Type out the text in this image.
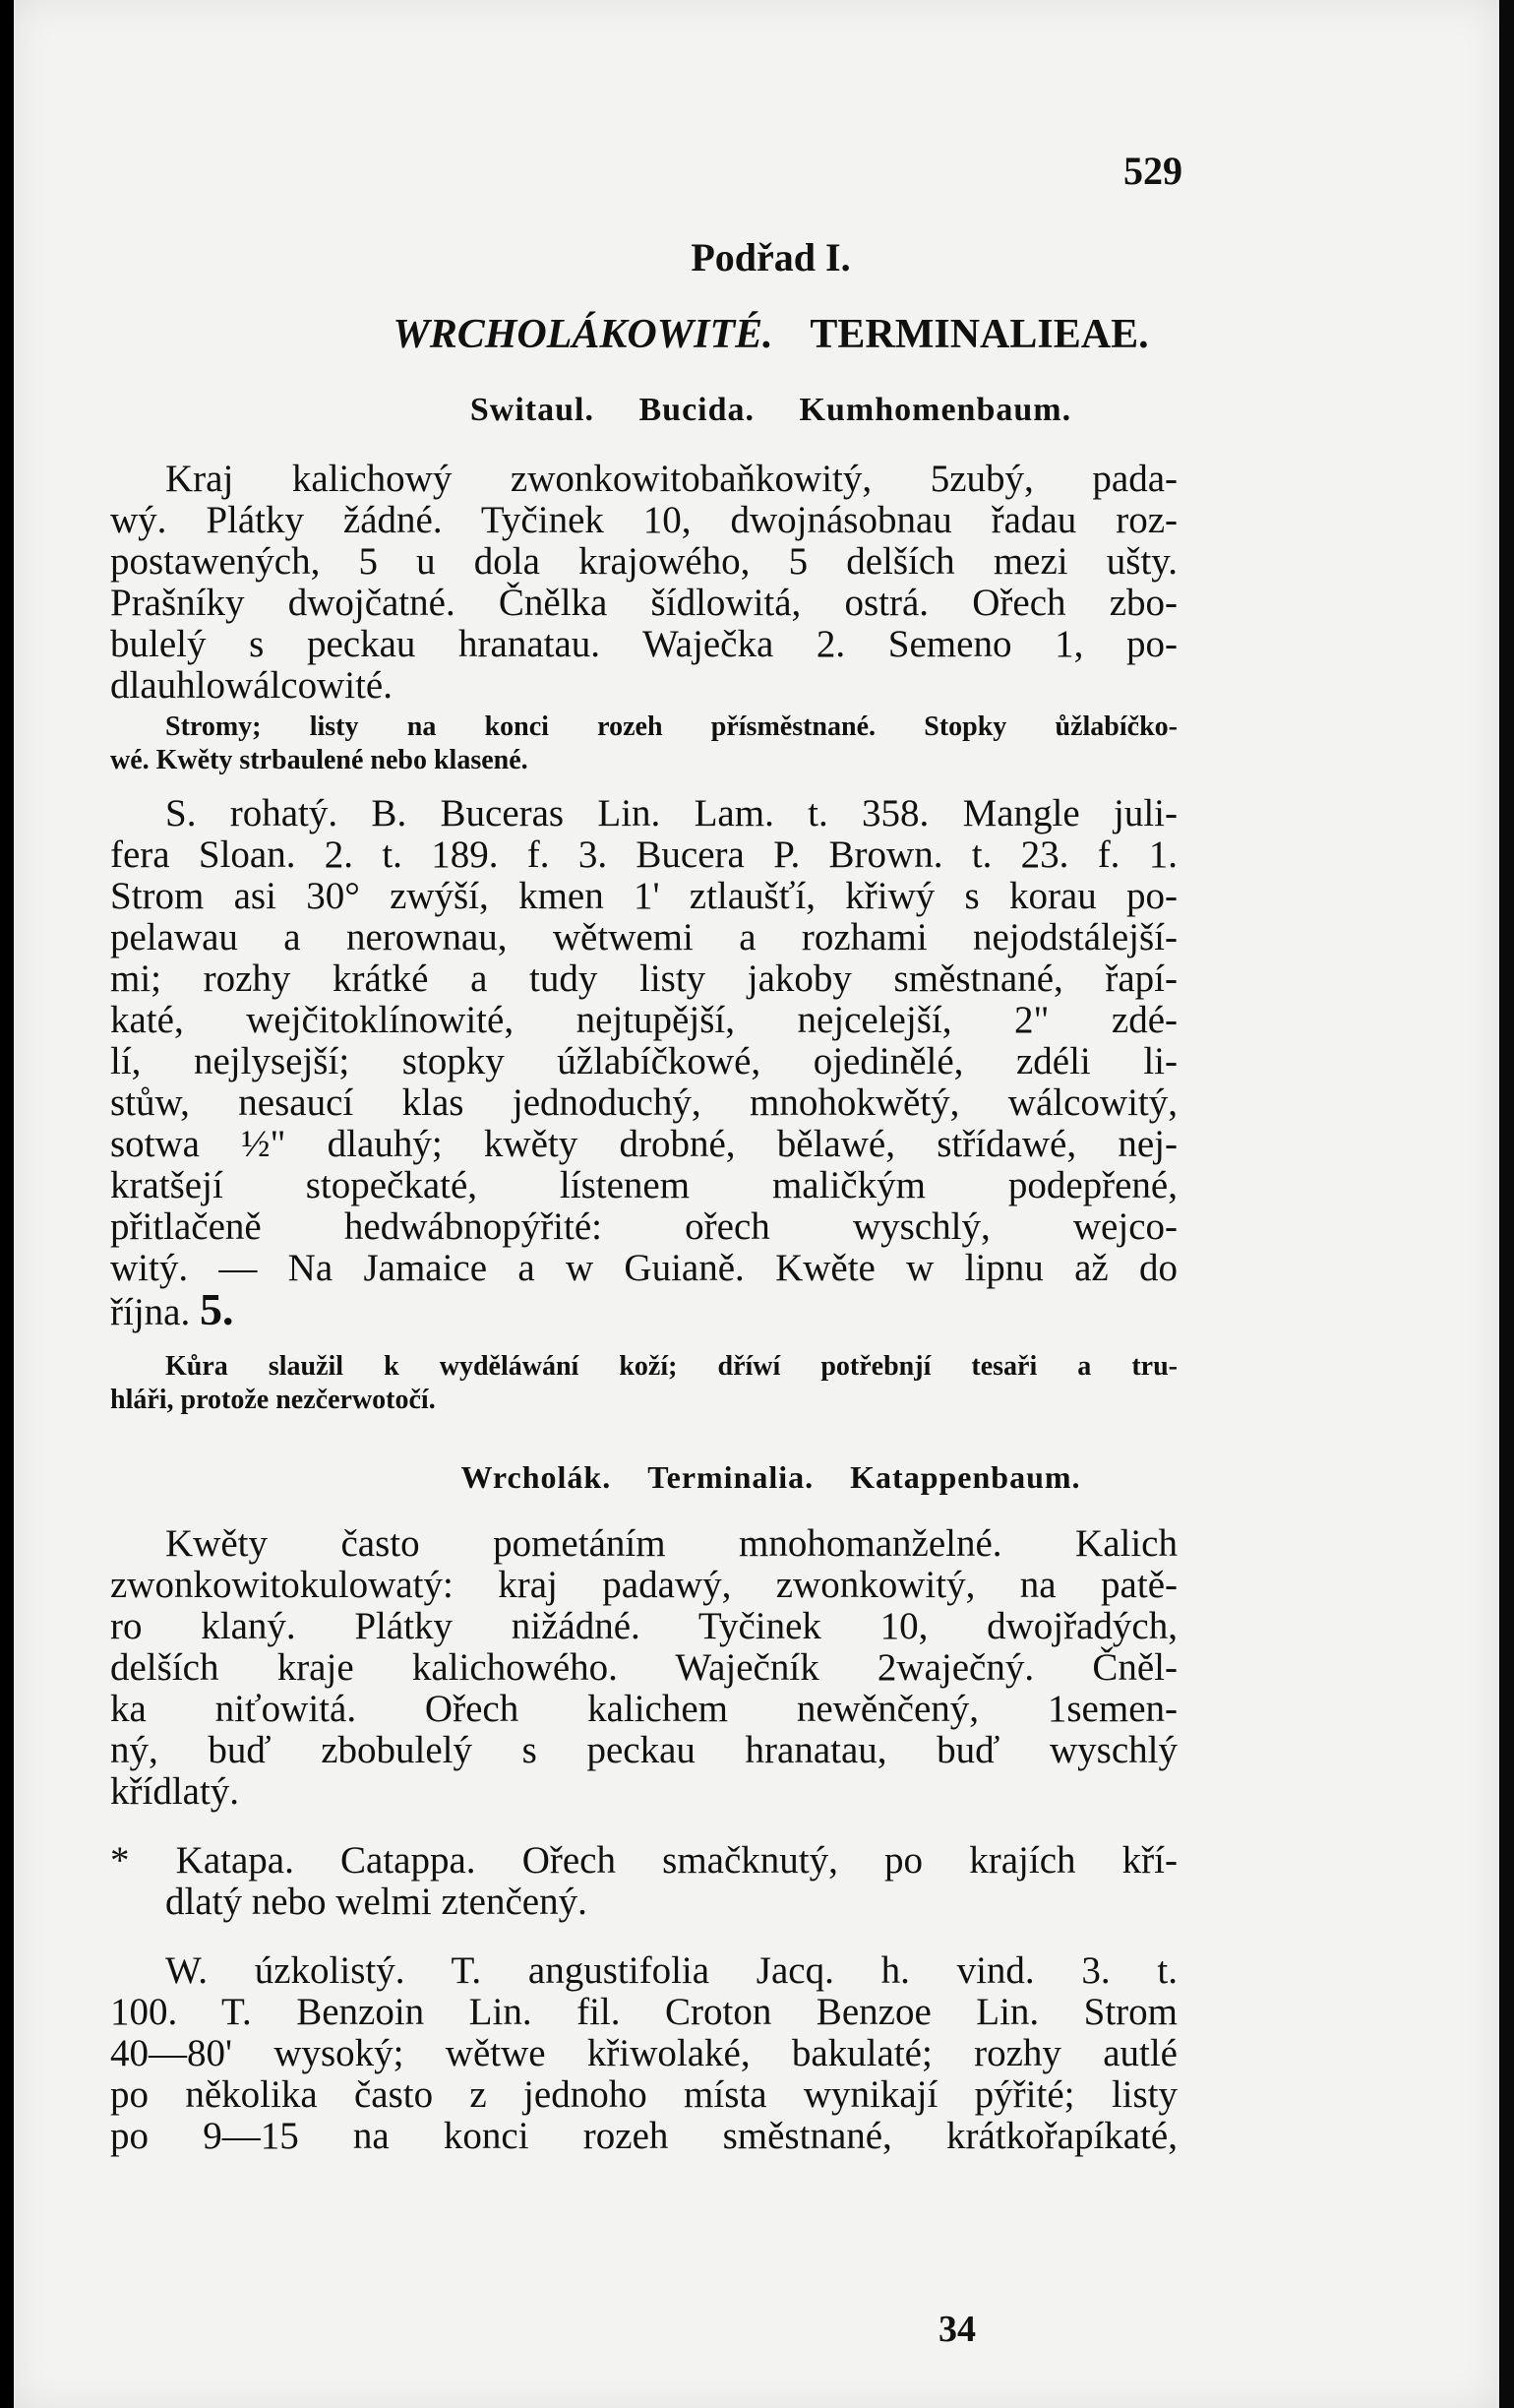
529
Podřad I.
WRCHOLÁKOWITÉ. TERMINALIEAE.
Switaul. Bucida. Kumhomenbaum.
Kraj kalichowý zwonkowitobaňkowitý, 5zubý, pada-
wý. Plátky žádné. Tyčinek 10, dwojnásobnau řadau roz-
postawených, 5 u dola krajowého, 5 delších mezi ušty.
Prašníky dwojčatné. Čnělka šídlowitá, ostrá. Ořech zbo-
bulelý s peckau hranatau. Waječka 2. Semeno 1, po-
dlauhlowálcowité.
Stromy; listy na konci rozeh přísměstnané. Stopky ůžlabíčko-
wé. Kwěty strbaulené nebo klasené.
S. rohatý. B. Buceras Lin. Lam. t. 358. Mangle juli-
fera Sloan. 2. t. 189. f. 3. Bucera P. Brown. t. 23. f. 1.
Strom asi 30° zwýší, kmen 1' ztlaušťí, křiwý s korau po-
pelawau a nerownau, wětwemi a rozhami nejodstálejší-
mi; rozhy krátké a tudy listy jakoby směstnané, řapí-
katé, wejčitoklínowité, nejtupější, nejcelejší, 2" zdé-
lí, nejlysejší; stopky úžlabíčkowé, ojedinělé, zdéli li-
stůw, nesaucí klas jednoduchý, mnohokwětý, wálcowitý,
sotwa ½" dlauhý; kwěty drobné, bělawé, střídawé, nej-
kratšejí stopečkaté, lístenem maličkým podepřené,
přitlačeně hedwábnopýřité: ořech wyschlý, wejco-
witý. — Na Jamaice a w Guianě. Kwěte w lipnu až do
října. 5.
Kůra slaužil k wyděláwání koží; dříwí potřebnjí tesaři a tru-
hláři, protože nezčerwotočí.
Wrcholák. Terminalia. Katappenbaum.
Kwěty často pometáním mnohomanželné. Kalich
zwonkowitokulowatý: kraj padawý, zwonkowitý, na patě-
ro klaný. Plátky nižádné. Tyčinek 10, dwojřadých,
delších kraje kalichowého. Waječník 2waječný. Čněl-
ka niťowitá. Ořech kalichem newěnčený, 1semen-
ný, buď zbobulelý s peckau hranatau, buď wyschlý
křídlatý.
* Katapa. Catappa. Ořech smačknutý, po krajích kří-
dlatý nebo welmi ztenčený.
W. úzkolistý. T. angustifolia Jacq. h. vind. 3. t.
100. T. Benzoin Lin. fil. Croton Benzoe Lin. Strom
40—80' wysoký; wětwe křiwolaké, bakulaté; rozhy autlé
po několika často z jednoho místa wynikají pýřité; listy
po 9—15 na konci rozeh směstnané, krátkořapíkaté,
34
